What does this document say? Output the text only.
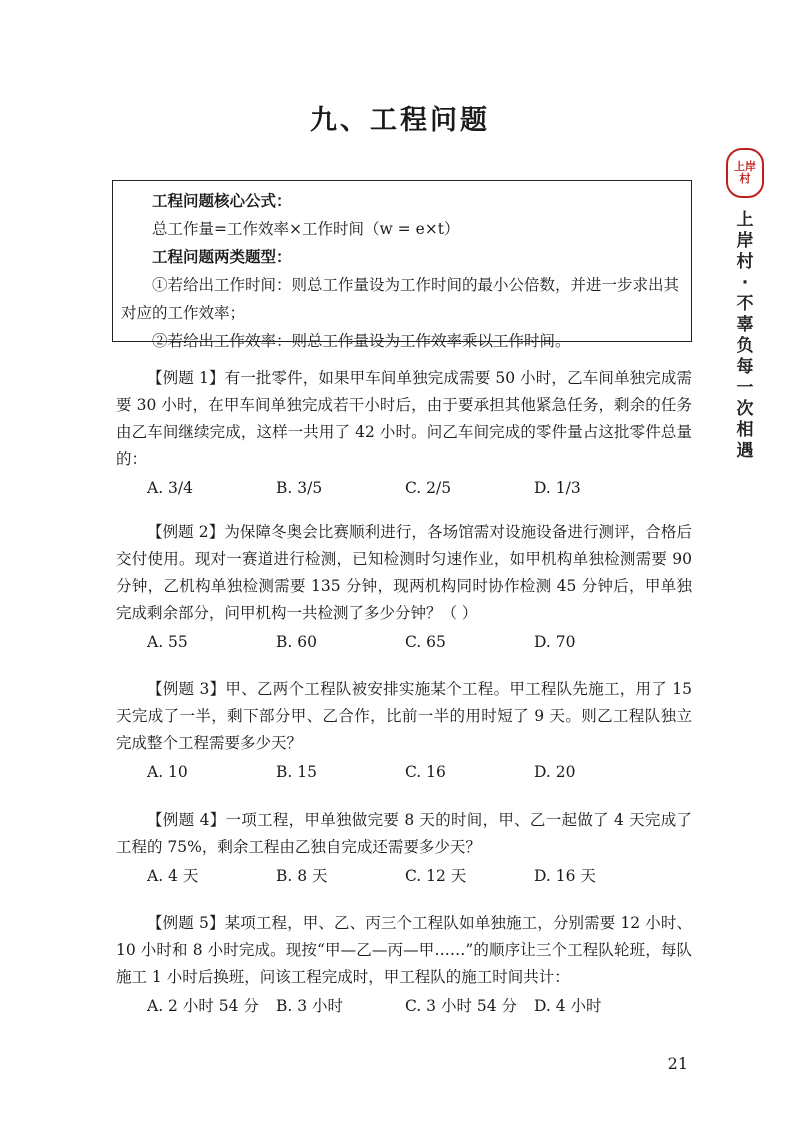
九、工程问题

工程问题核心公式：

总工作量=工作效率×工作时间（w = e×t）

工程问题两类题型：

①若给出工作时间：则总工作量设为工作时间的最小公倍数，并进一步求出其对应的工作效率；

②若给出工作效率：则总工作量设为工作效率乘以工作时间。

【例题 1】有一批零件，如果甲车间单独完成需要 50 小时，乙车间单独完成需要 30 小时，在甲车间单独完成若干小时后，由于要承担其他紧急任务，剩余的任务由乙车间继续完成，这样一共用了 42 小时。问乙车间完成的零件量占这批零件总量的：

A. 3/4	B. 3/5	C. 2/5	D. 1/3

【例题 2】为保障冬奥会比赛顺利进行，各场馆需对设施设备进行测评，合格后交付使用。现对一赛道进行检测，已知检测时匀速作业，如甲机构单独检测需要 90 分钟，乙机构单独检测需要 135 分钟，现两机构同时协作检测 45 分钟后，甲单独完成剩余部分，问甲机构一共检测了多少分钟？（ ）

A. 55	B. 60	C. 65	D. 70

【例题 3】甲、乙两个工程队被安排实施某个工程。甲工程队先施工，用了 15 天完成了一半，剩下部分甲、乙合作，比前一半的用时短了 9 天。则乙工程队独立完成整个工程需要多少天？

A. 10	B. 15	C. 16	D. 20

【例题 4】一项工程，甲单独做完要 8 天的时间，甲、乙一起做了 4 天完成了工程的 75%，剩余工程由乙独自完成还需要多少天？

A. 4 天	B. 8 天	C. 12 天	D. 16 天

【例题 5】某项工程，甲、乙、丙三个工程队如单独施工，分别需要 12 小时、10 小时和 8 小时完成。现按“甲—乙—丙—甲……”的顺序让三个工程队轮班，每队施工 1 小时后换班，问该工程完成时，甲工程队的施工时间共计：

A. 2 小时 54 分	B. 3 小时	C. 3 小时 54 分	D. 4 小时
上岸
村
上
岸
村
·
不
辜
负
每
一
次
相
遇
21
